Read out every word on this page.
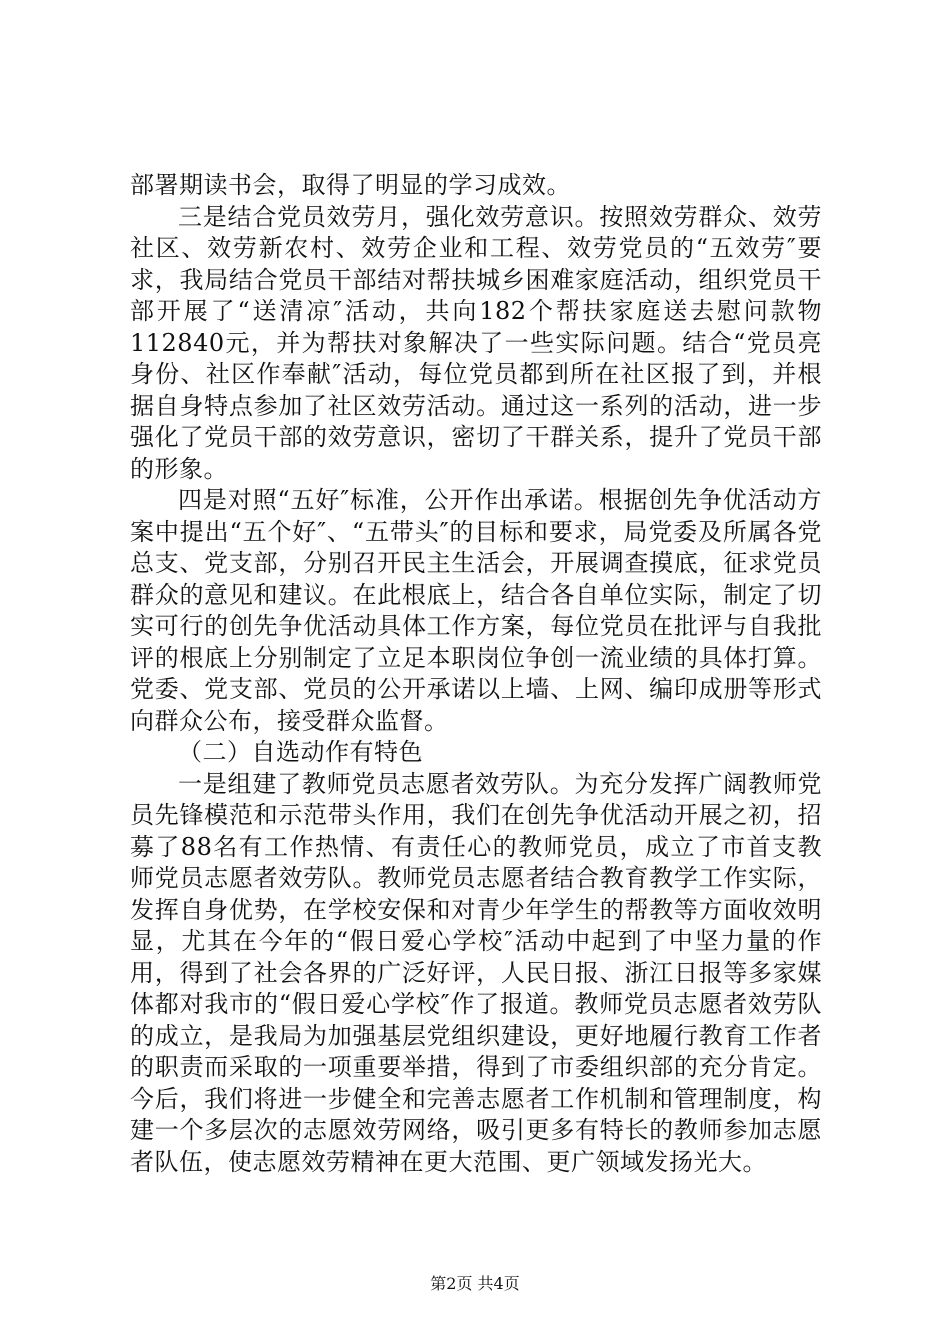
部署期读书会，取得了明显的学习成效。

三是结合党员效劳月，强化效劳意识。按照效劳群众、效劳社区、效劳新农村、效劳企业和工程、效劳党员的“五效劳″要求，我局结合党员干部结对帮扶城乡困难家庭活动，组织党员干部开展了“送清凉″活动，共向182个帮扶家庭送去慰问款物112840元，并为帮扶对象解决了一些实际问题。结合“党员亮身份、社区作奉献″活动，每位党员都到所在社区报了到，并根据自身特点参加了社区效劳活动。通过这一系列的活动，进一步强化了党员干部的效劳意识，密切了干群关系，提升了党员干部的形象。

四是对照“五好″标准，公开作出承诺。根据创先争优活动方案中提出“五个好″、“五带头″的目标和要求，局党委及所属各党总支、党支部，分别召开民主生活会，开展调查摸底，征求党员群众的意见和建议。在此根底上，结合各自单位实际，制定了切实可行的创先争优活动具体工作方案，每位党员在批评与自我批评的根底上分别制定了立足本职岗位争创一流业绩的具体打算。党委、党支部、党员的公开承诺以上墙、上网、编印成册等形式向群众公布，接受群众监督。

（二）自选动作有特色

一是组建了教师党员志愿者效劳队。为充分发挥广阔教师党员先锋模范和示范带头作用，我们在创先争优活动开展之初，招募了88名有工作热情、有责任心的教师党员，成立了市首支教师党员志愿者效劳队。教师党员志愿者结合教育教学工作实际，发挥自身优势，在学校安保和对青少年学生的帮教等方面收效明显，尤其在今年的“假日爱心学校″活动中起到了中坚力量的作用，得到了社会各界的广泛好评，人民日报、浙江日报等多家媒体都对我市的“假日爱心学校″作了报道。教师党员志愿者效劳队的成立，是我局为加强基层党组织建设，更好地履行教育工作者的职责而采取的一项重要举措，得到了市委组织部的充分肯定。今后，我们将进一步健全和完善志愿者工作机制和管理制度，构建一个多层次的志愿效劳网络，吸引更多有特长的教师参加志愿者队伍，使志愿效劳精神在更大范围、更广领域发扬光大。

第2页 共4页
